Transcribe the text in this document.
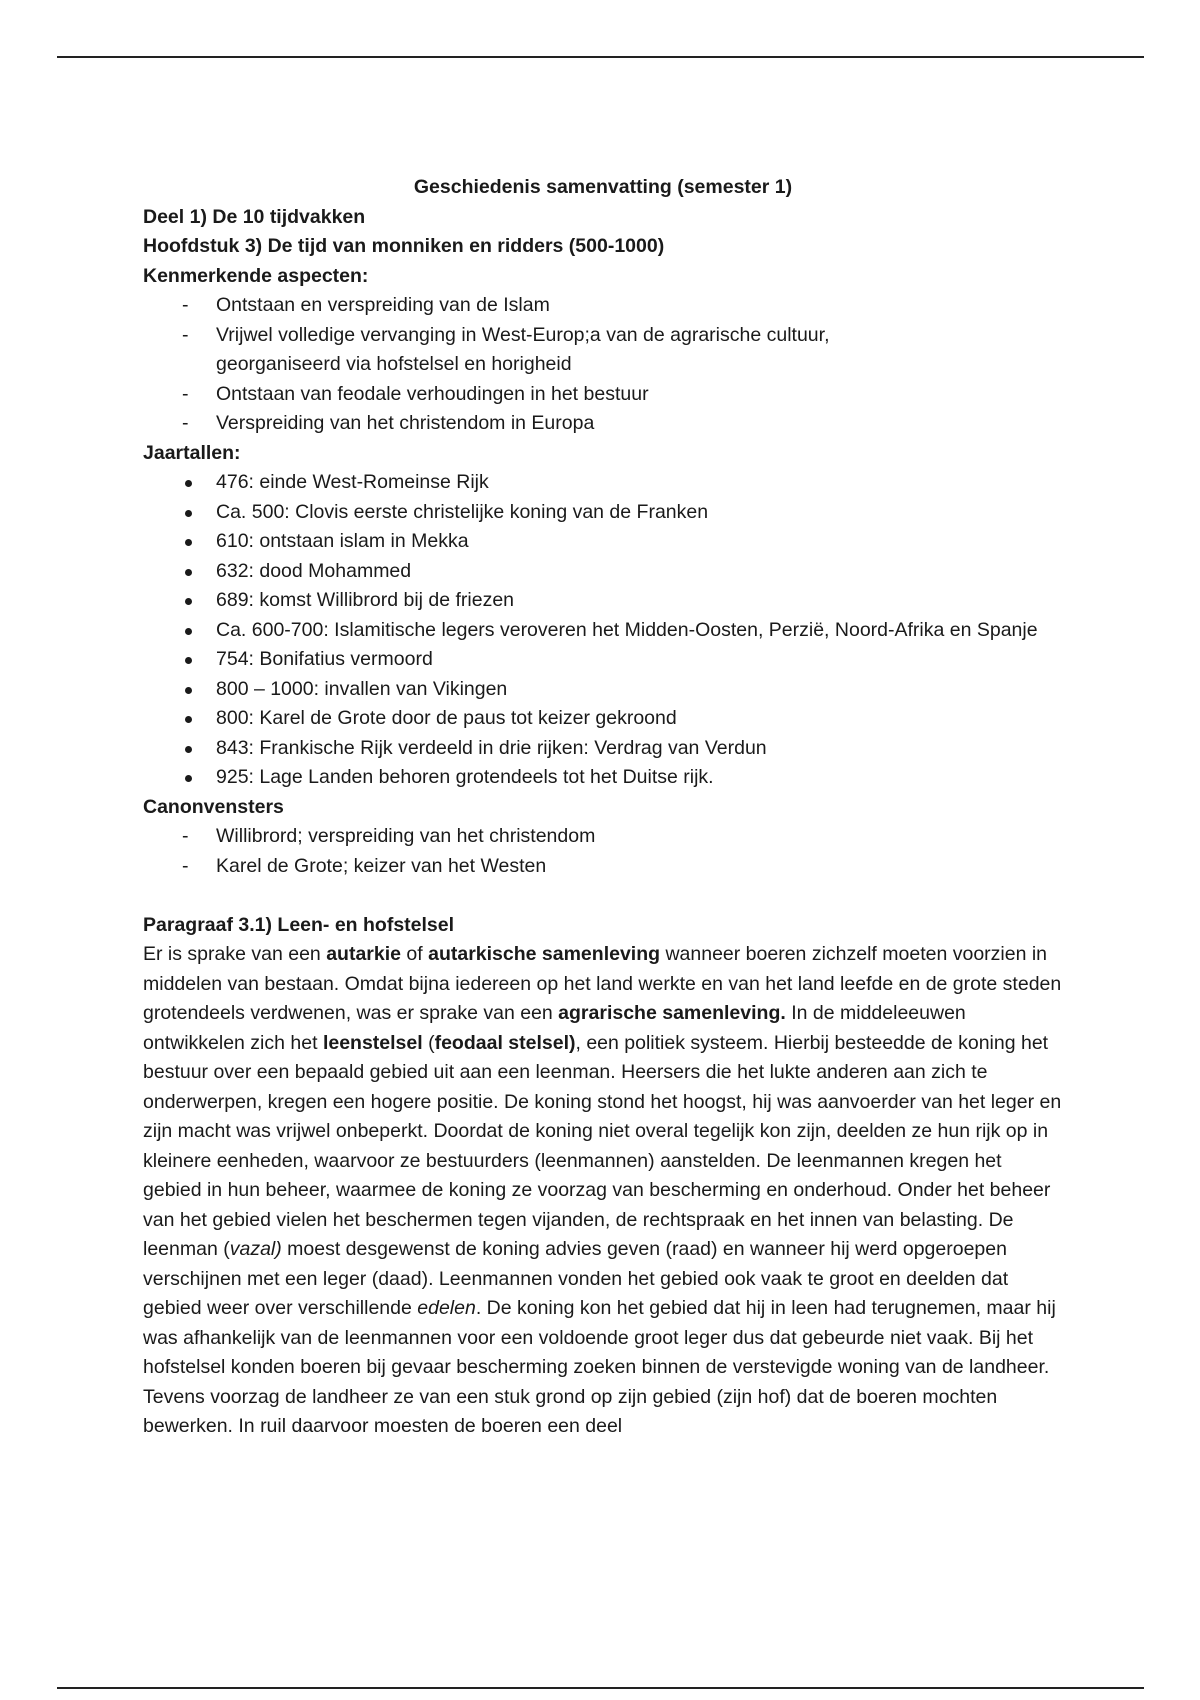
Geschiedenis samenvatting (semester 1)
Deel 1) De 10 tijdvakken
Hoofdstuk 3) De tijd van monniken en ridders (500-1000)
Kenmerkende aspecten:
- Ontstaan en verspreiding van de Islam
- Vrijwel volledige vervanging in West-Europ;a van de agrarische cultuur, georganiseerd via hofstelsel en horigheid
- Ontstaan van feodale verhoudingen in het bestuur
- Verspreiding van het christendom in Europa
Jaartallen:
476: einde West-Romeinse Rijk
Ca. 500: Clovis eerste christelijke koning van de Franken
610: ontstaan islam in Mekka
632: dood Mohammed
689: komst Willibrord bij de friezen
Ca. 600-700: Islamitische legers veroveren het Midden-Oosten, Perzië, Noord-Afrika en Spanje
754: Bonifatius vermoord
800 – 1000: invallen van Vikingen
800: Karel de Grote door de paus tot keizer gekroond
843: Frankische Rijk verdeeld in drie rijken: Verdrag van Verdun
925: Lage Landen behoren grotendeels tot het Duitse rijk.
Canonvensters
- Willibrord; verspreiding van het christendom
- Karel de Grote; keizer van het Westen
Paragraaf 3.1) Leen- en hofstelsel
Er is sprake van een autarkie of autarkische samenleving wanneer boeren zichzelf moeten voorzien in middelen van bestaan. Omdat bijna iedereen op het land werkte en van het land leefde en de grote steden grotendeels verdwenen, was er sprake van een agrarische samenleving. In de middeleeuwen ontwikkelen zich het leenstelsel (feodaal stelsel), een politiek systeem. Hierbij besteedde de koning het bestuur over een bepaald gebied uit aan een leenman. Heersers die het lukte anderen aan zich te onderwerpen, kregen een hogere positie. De koning stond het hoogst, hij was aanvoerder van het leger en zijn macht was vrijwel onbeperkt. Doordat de koning niet overal tegelijk kon zijn, deelden ze hun rijk op in kleinere eenheden, waarvoor ze bestuurders (leenmannen) aanstelden. De leenmannen kregen het gebied in hun beheer, waarmee de koning ze voorzag van bescherming en onderhoud. Onder het beheer van het gebied vielen het beschermen tegen vijanden, de rechtspraak en het innen van belasting. De leenman (vazal) moest desgewenst de koning advies geven (raad) en wanneer hij werd opgeroepen verschijnen met een leger (daad). Leenmannen vonden het gebied ook vaak te groot en deelden dat gebied weer over verschillende edelen. De koning kon het gebied dat hij in leen had terugnemen, maar hij was afhankelijk van de leenmannen voor een voldoende groot leger dus dat gebeurde niet vaak. Bij het hofstelsel konden boeren bij gevaar bescherming zoeken binnen de verstevigde woning van de landheer. Tevens voorzag de landheer ze van een stuk grond op zijn gebied (zijn hof) dat de boeren mochten bewerken. In ruil daarvoor moesten de boeren een deel
